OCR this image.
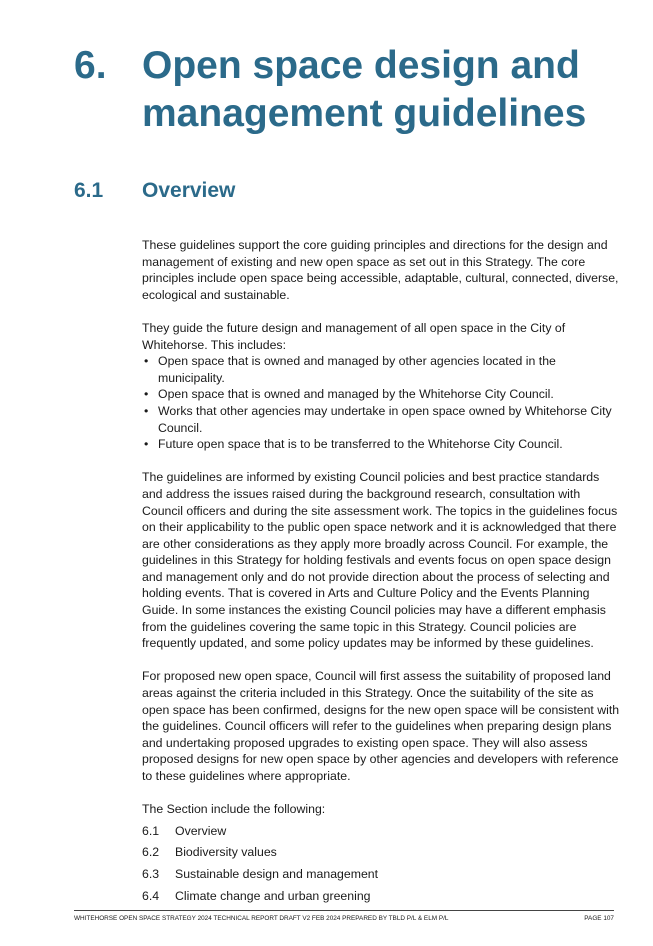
6. Open space design and management guidelines
6.1	Overview

These guidelines support the core guiding principles and directions for the design and management of existing and new open space as set out in this Strategy. The core principles include open space being accessible, adaptable, cultural, connected, diverse, ecological and sustainable.

They guide the future design and management of all open space in the City of Whitehorse. This includes:

• Open space that is owned and managed by other agencies located in the municipality.
• Open space that is owned and managed by the Whitehorse City Council.
• Works that other agencies may undertake in open space owned by Whitehorse City Council.
• Future open space that is to be transferred to the Whitehorse City Council.

The guidelines are informed by existing Council policies and best practice standards and address the issues raised during the background research, consultation with Council officers and during the site assessment work. The topics in the guidelines focus on their applicability to the public open space network and it is acknowledged that there are other considerations as they apply more broadly across Council. For example, the guidelines in this Strategy for holding festivals and events focus on open space design and management only and do not provide direction about the process of selecting and holding events. That is covered in Arts and Culture Policy and the Events Planning Guide. In some instances the existing Council policies may have a different emphasis from the guidelines covering the same topic in this Strategy. Council policies are frequently updated, and some policy updates may be informed by these guidelines.

For proposed new open space, Council will first assess the suitability of proposed land areas against the criteria included in this Strategy. Once the suitability of the site as open space has been confirmed, designs for the new open space will be consistent with the guidelines. Council officers will refer to the guidelines when preparing design plans and undertaking proposed upgrades to existing open space. They will also assess proposed designs for new open space by other agencies and developers with reference to these guidelines where appropriate.

The Section include the following:

6.1	Overview
6.2	Biodiversity values
6.3	Sustainable design and management
6.4	Climate change and urban greening
WHITEHORSE OPEN SPACE STRATEGY 2024 TECHNICAL REPORT DRAFT V2 FEB 2024 PREPARED BY TBLD P/L & ELM P/L	PAGE 107
